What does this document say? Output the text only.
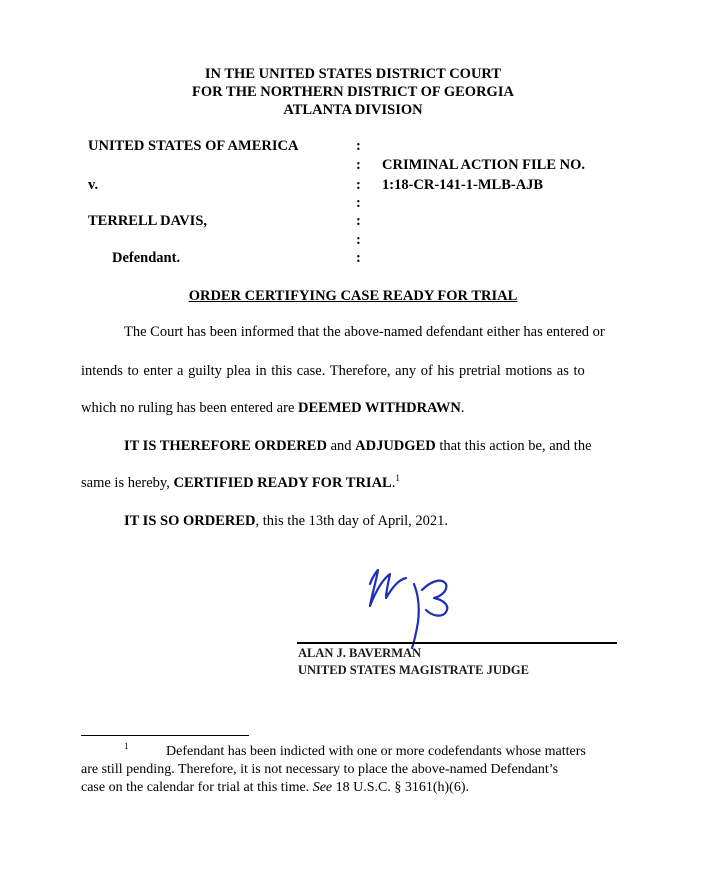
IN THE UNITED STATES DISTRICT COURT
FOR THE NORTHERN DISTRICT OF GEORGIA
ATLANTA DIVISION
UNITED STATES OF AMERICA
v.
TERRELL DAVIS,
Defendant.
:
:
:
:
:
:
:
CRIMINAL ACTION FILE NO.
1:18-CR-141-1-MLB-AJB
ORDER CERTIFYING CASE READY FOR TRIAL
The Court has been informed that the above-named defendant either has entered or
intends to enter a guilty plea in this case. Therefore, any of his pretrial motions as to
which no ruling has been entered are DEEMED WITHDRAWN.
IT IS THEREFORE ORDERED and ADJUDGED that this action be, and the
same is hereby, CERTIFIED READY FOR TRIAL.$^1$
IT IS SO ORDERED, this the 13th day of April, 2021.
ALAN J. BAVERMAN
UNITED STATES MAGISTRATE JUDGE
1	Defendant has been indicted with one or more codefendants whose matters
are still pending. Therefore, it is not necessary to place the above-named Defendant’s
case on the calendar for trial at this time. See 18 U.S.C. § 3161(h)(6).
